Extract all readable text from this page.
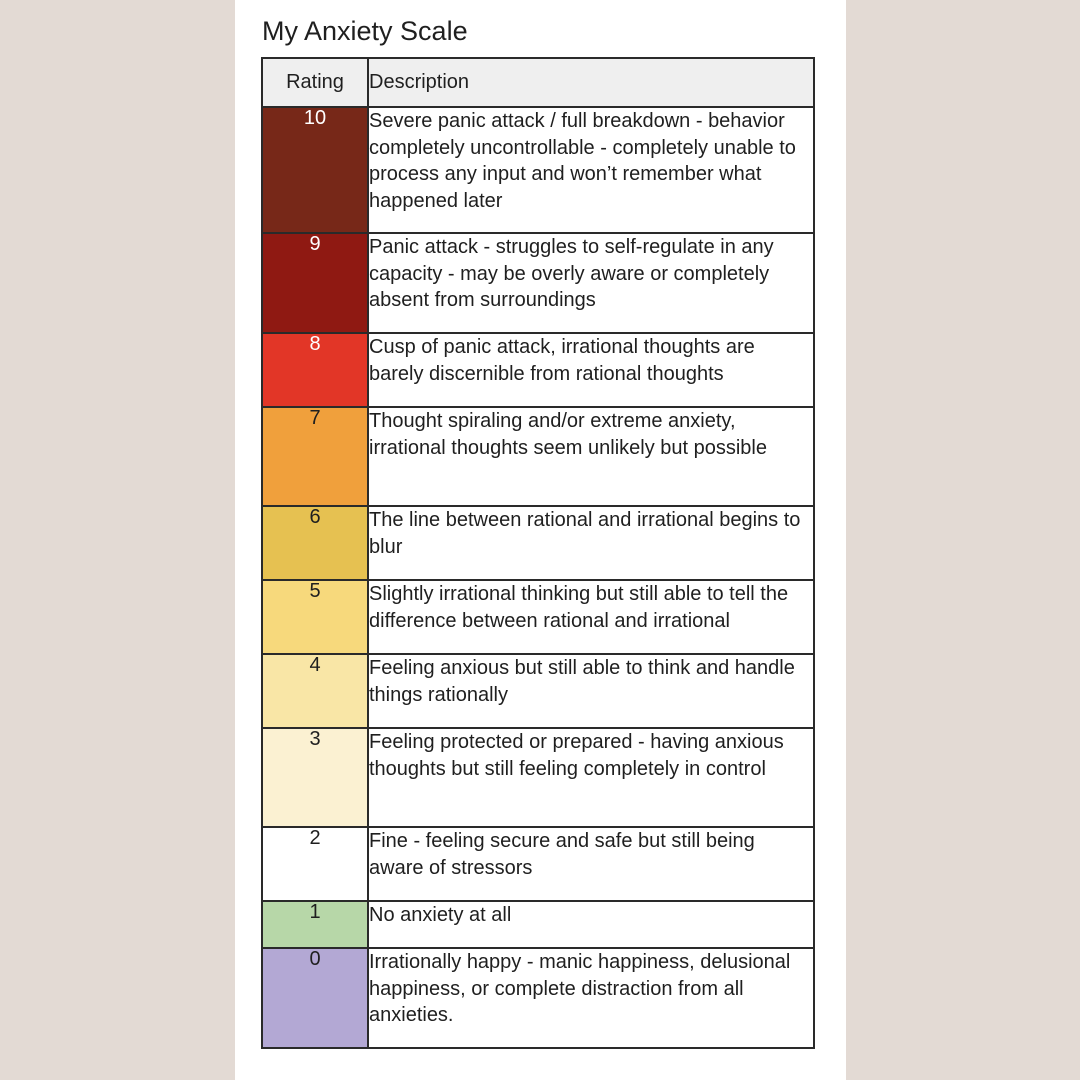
My Anxiety Scale
Rating	Description
10	Severe panic attack / full breakdown - behavior completely uncontrollable - completely unable to process any input and won’t remember what happened later
9	Panic attack - struggles to self-regulate in any capacity - may be overly aware or completely absent from surroundings
8	Cusp of panic attack, irrational thoughts are barely discernible from rational thoughts
7	Thought spiraling and/or extreme anxiety, irrational thoughts seem unlikely but possible
6	The line between rational and irrational begins to blur
5	Slightly irrational thinking but still able to tell the difference between rational and irrational
4	Feeling anxious but still able to think and handle things rationally
3	Feeling protected or prepared - having anxious thoughts but still feeling completely in control
2	Fine - feeling secure and safe but still being aware of stressors
1	No anxiety at all
0	Irrationally happy - manic happiness, delusional happiness, or complete distraction from all anxieties.
